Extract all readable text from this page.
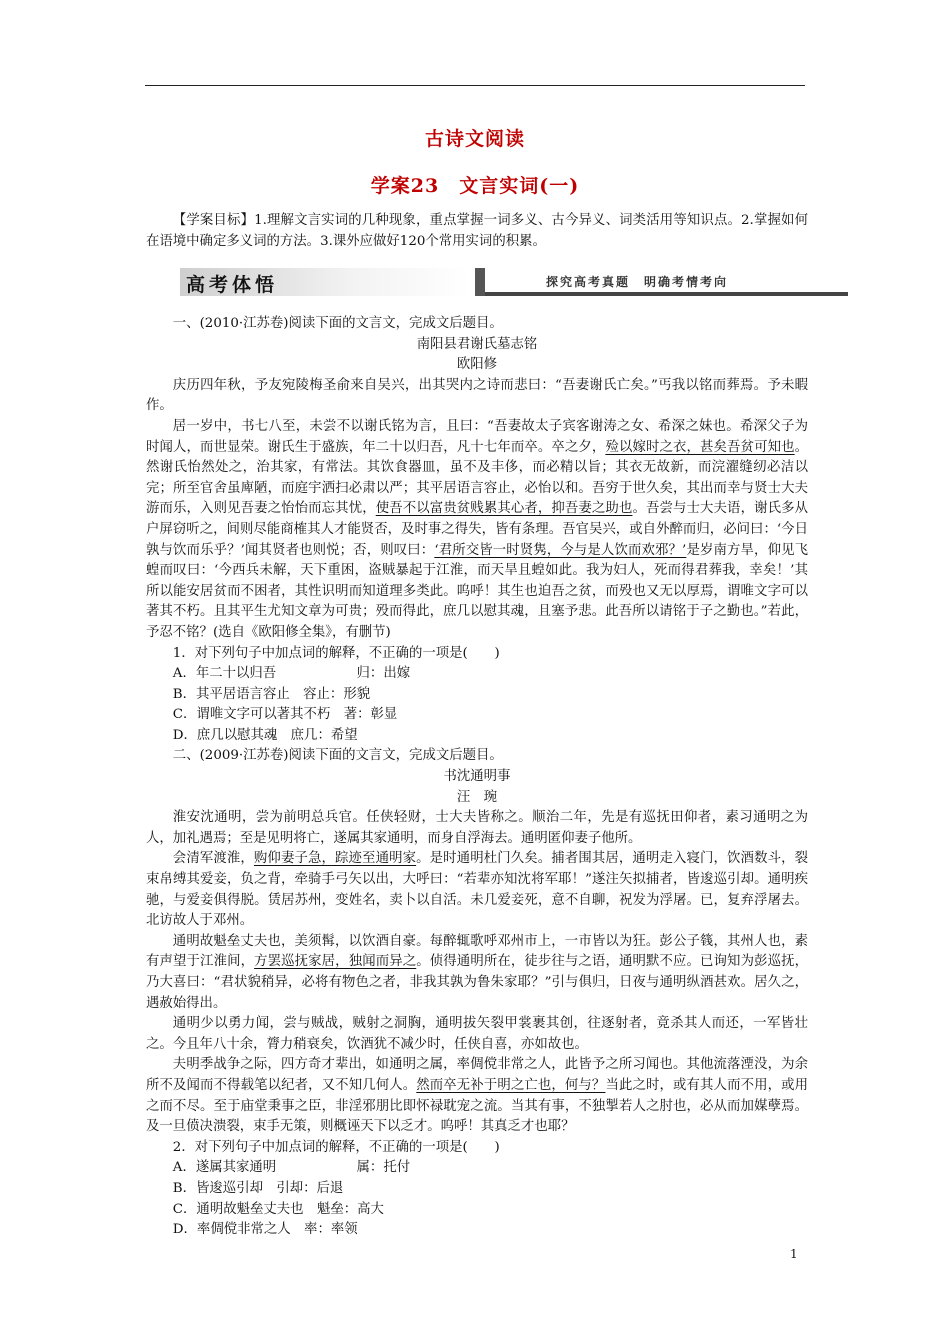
古诗文阅读
学案23　文言实词(一)

【学案目标】1.理解文言实词的几种现象，重点掌握一词多义、古今异义、词类活用等知识点。2.掌握如何在语境中确定多义词的方法。3.课外应做好120个常用实词的积累。

高考体悟	探究高考真题　明确考情考向

一、(2010·江苏卷)阅读下面的文言文，完成文后题目。

南阳县君谢氏墓志铭

欧阳修

庆历四年秋，予友宛陵梅圣俞来自吴兴，出其哭内之诗而悲曰：“吾妻谢氏亡矣。”丐我以铭而葬焉。予未暇作。

居一岁中，书七八至，未尝不以谢氏铭为言，且曰：“吾妻故太子宾客谢涛之女、希深之妹也。希深父子为时闻人，而世显荣。谢氏生于盛族，年二十以归吾，凡十七年而卒。卒之夕，殓以嫁时之衣，甚矣吾贫可知也。然谢氏怡然处之，治其家，有常法。其饮食器皿，虽不及丰侈，而必精以旨；其衣无故新，而浣濯缝纫必洁以完；所至官舍虽庳陋，而庭宇洒扫必肃以严；其平居语言容止，必怡以和。吾穷于世久矣，其出而幸与贤士大夫游而乐，入则见吾妻之怡怡而忘其忧，使吾不以富贵贫贱累其心者，抑吾妻之助也。吾尝与士大夫语，谢氏多从户屏窃听之，间则尽能商榷其人才能贤否，及时事之得失，皆有条理。吾官吴兴，或自外醉而归，必问曰：‘今日孰与饮而乐乎？’闻其贤者也则悦；否，则叹曰：‘君所交皆一时贤隽，今与是人饮而欢邪？’是岁南方旱，仰见飞蝗而叹曰：‘今西兵未解，天下重困，盗贼暴起于江淮，而天旱且蝗如此。我为妇人，死而得君葬我，幸矣！’其所以能安居贫而不困者，其性识明而知道理多类此。呜呼！其生也迫吾之贫，而殁也又无以厚焉，谓唯文字可以著其不朽。且其平生尤知文章为可贵；殁而得此，庶几以慰其魂，且塞予悲。此吾所以请铭于子之勤也。”若此，予忍不铭？(选自《欧阳修全集》，有删节)

1．对下列句子中加点词的解释，不正确的一项是(　　)

A．年二十以归吾　　　　　　归：出嫁

B．其平居语言容止　容止：形貌

C．谓唯文字可以著其不朽　著：彰显

D．庶几以慰其魂　庶几：希望

二、(2009·江苏卷)阅读下面的文言文，完成文后题目。

书沈通明事

汪　琬

淮安沈通明，尝为前明总兵官。任侠轻财，士大夫皆称之。顺治二年，先是有巡抚田仰者，素习通明之为人，加礼遇焉；至是见明将亡，遂属其家通明，而身自浮海去。通明匿仰妻子他所。

会清军渡淮，购仰妻子急，踪迹至通明家。是时通明杜门久矣。捕者围其居，通明走入寝门，饮酒数斗，裂束帛缚其爱妾，负之背，牵骑手弓矢以出，大呼曰：“若辈亦知沈将军耶！”遂注矢拟捕者，皆逡巡引却。通明疾驰，与爱妾俱得脱。赁居苏州，变姓名，卖卜以自活。未几爱妾死，意不自聊，祝发为浮屠。已，复弃浮屠去。北访故人于邓州。

通明故魁垒丈夫也，美须髯，以饮酒自豪。每醉辄歌呼邓州市上，一市皆以为狂。彭公子篯，其州人也，素有声望于江淮间，方罢巡抚家居，独闻而异之。侦得通明所在，徒步往与之语，通明默不应。已询知为彭巡抚，乃大喜曰：“君状貌稍异，必将有物色之者，非我其孰为鲁朱家耶？”引与俱归，日夜与通明纵酒甚欢。居久之，遇赦始得出。

通明少以勇力闻，尝与贼战，贼射之洞胸，通明拔矢裂甲裳裹其创，往逐射者，竟杀其人而还，一军皆壮之。今且年八十余，膂力稍衰矣，饮酒犹不减少时，任侠自喜，亦如故也。

夫明季战争之际，四方奇才辈出，如通明之属，率倜傥非常之人，此皆予之所习闻也。其他流落湮没，为余所不及闻而不得载笔以纪者，又不知几何人。然而卒无补于明之亡也，何与？当此之时，或有其人而不用，或用之而不尽。至于庙堂秉事之臣，非淫邪朋比即怀禄耽宠之流。当其有事，不独掣若人之肘也，必从而加媒孽焉。及一旦偾决溃裂，束手无策，则概诬天下以乏才。呜呼！其真乏才也耶？

2．对下列句子中加点词的解释，不正确的一项是(　　)

A．遂属其家通明　　　　　　属：托付

B．皆逡巡引却　引却：后退

C．通明故魁垒丈夫也　魁垒：高大

D．率倜傥非常之人　率：率领

1
